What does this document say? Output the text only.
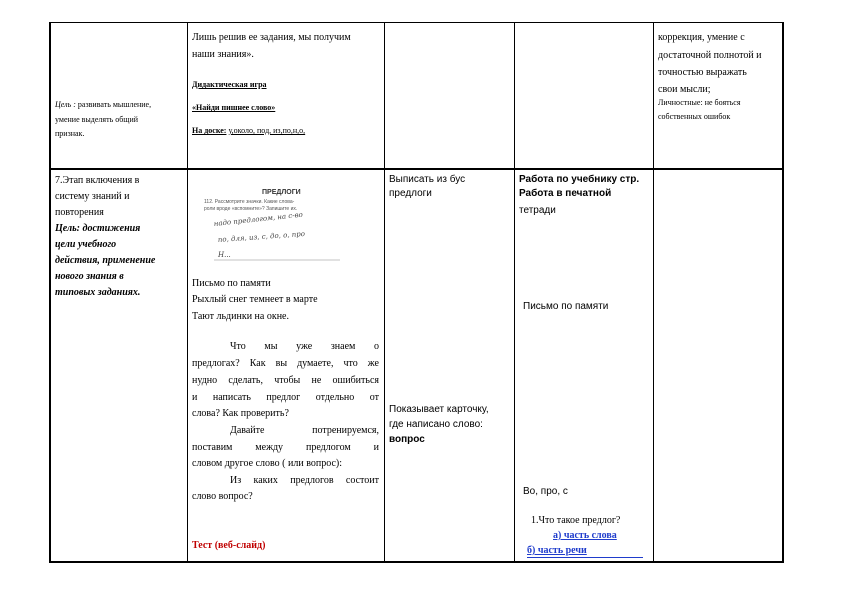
Цель : развивать мышление,
умение выделять общий
признак.
Лишь решив ее задания, мы получим
наши знания».
Дидактическая игра
«Найди пишнее слово»
На доске: у,около, под, из,по,н,о,
коррекция, умение с
достаточной полнотой и
точностью выражать
свои мысли;
Личностные: не бояться
собственных ошибок
7.Этап включения в
систему знаний и
повторения
Цель: достижения
цели учебного
действия, применение
нового знания в
типовых заданиях.
ПРЕДЛОГИ
112. Рассмотрите значки. Какие слова-
роли вроде «вспомните»? Запишите их.
надо предлогом, на с-во
по, для, из, с, до, о, про
Н...
Письмо по памяти
Рыхлый снег темнеет в марте
Тают льдинки на окне.
Что мы уже знаем о
предлогах? Как вы думаете, что же
нудно сделать, чтобы не ошибиться
и написать предлог отдельно от
слова? Как проверить?
Давайте потренируемся,
поставим между предлогом и
словом другое слово ( или вопрос):
Из каких предлогов состоит
слово вопрос?
Тест (веб-слайд)
Выписать из бус
предлоги
Показывает карточку,
где написано слово:
вопрос
Работа по учебнику стр.
Работа в печатной
тетради
Письмо по памяти
Во, про, с
1.Что такое предлог?
а) часть слова
б) часть речи
